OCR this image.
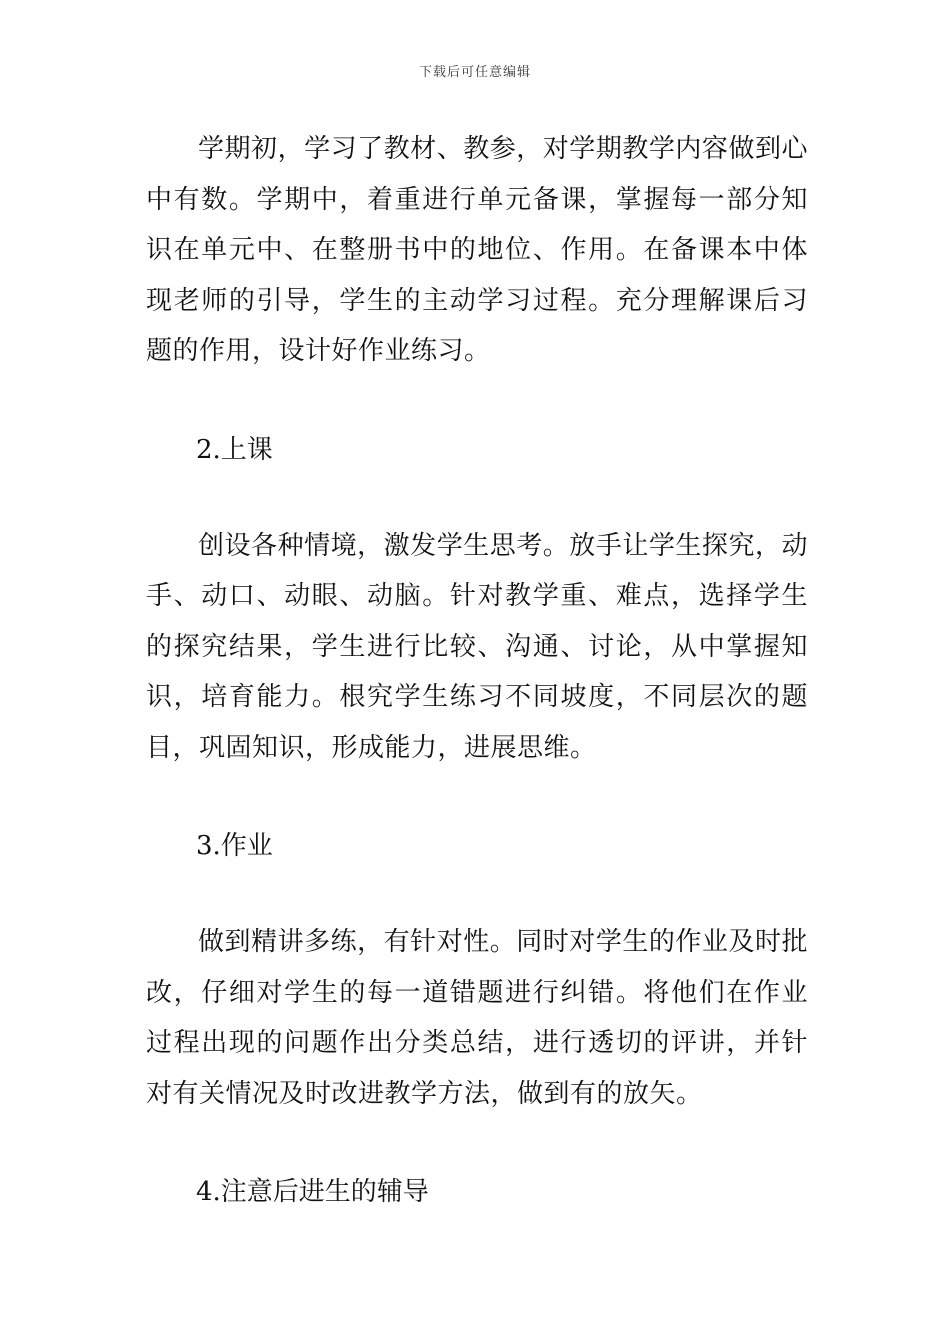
下载后可任意编辑

学期初，学习了教材、教参，对学期教学内容做到心中有数。学期中，着重进行单元备课，掌握每一部分知识在单元中、在整册书中的地位、作用。在备课本中体现老师的引导，学生的主动学习过程。充分理解课后习题的作用，设计好作业练习。

2.上课

创设各种情境，激发学生思考。放手让学生探究，动手、动口、动眼、动脑。针对教学重、难点，选择学生的探究结果，学生进行比较、沟通、讨论，从中掌握知识，培育能力。根究学生练习不同坡度，不同层次的题目，巩固知识，形成能力，进展思维。

3.作业

做到精讲多练，有针对性。同时对学生的作业及时批改，仔细对学生的每一道错题进行纠错。将他们在作业过程出现的问题作出分类总结，进行透切的评讲，并针对有关情况及时改进教学方法，做到有的放矢。

4.注意后进生的辅导
